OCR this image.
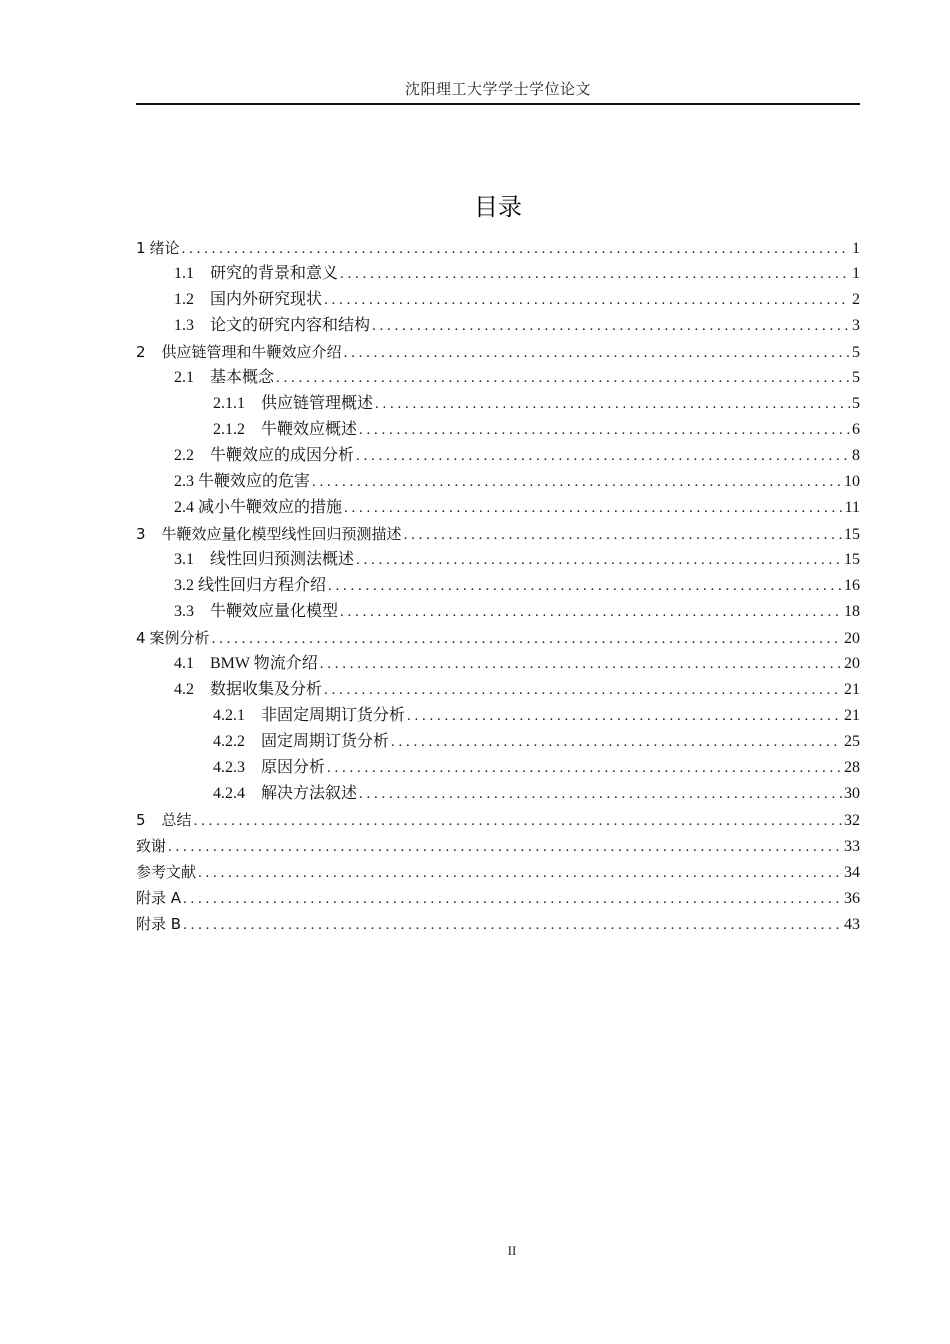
沈阳理工大学学士学位论文
目录
1 绪论 . . .	1
1.1 研究的背景和意义 . . .	1
1.2 国内外研究现状 . . .	2
1.3 论文的研究内容和结构 . . .	3
2 供应链管理和牛鞭效应介绍 . . .	5
2.1 基本概念 . . .	5
2.1.1 供应链管理概述 . . .	5
2.1.2 牛鞭效应概述 . . .	6
2.2 牛鞭效应的成因分析 . . .	8
2.3 牛鞭效应的危害 . . .	10
2.4 减小牛鞭效应的措施 . . .	11
3 牛鞭效应量化模型线性回归预测描述 . . .	15
3.1 线性回归预测法概述 . . .	15
3.2 线性回归方程介绍 . . .	16
3.3 牛鞭效应量化模型 . . .	18
4 案例分析 . . .	20
4.1 BMW 物流介绍 . . .	20
4.2 数据收集及分析 . . .	21
4.2.1 非固定周期订货分析 . . .	21
4.2.2 固定周期订货分析 . . .	25
4.2.3 原因分析 . . .	28
4.2.4 解决方法叙述 . . .	30
5 总结 . . .	32
致谢 . . .	33
参考文献 . . .	34
附录 A . . .	36
附录 B . . .	43
II
